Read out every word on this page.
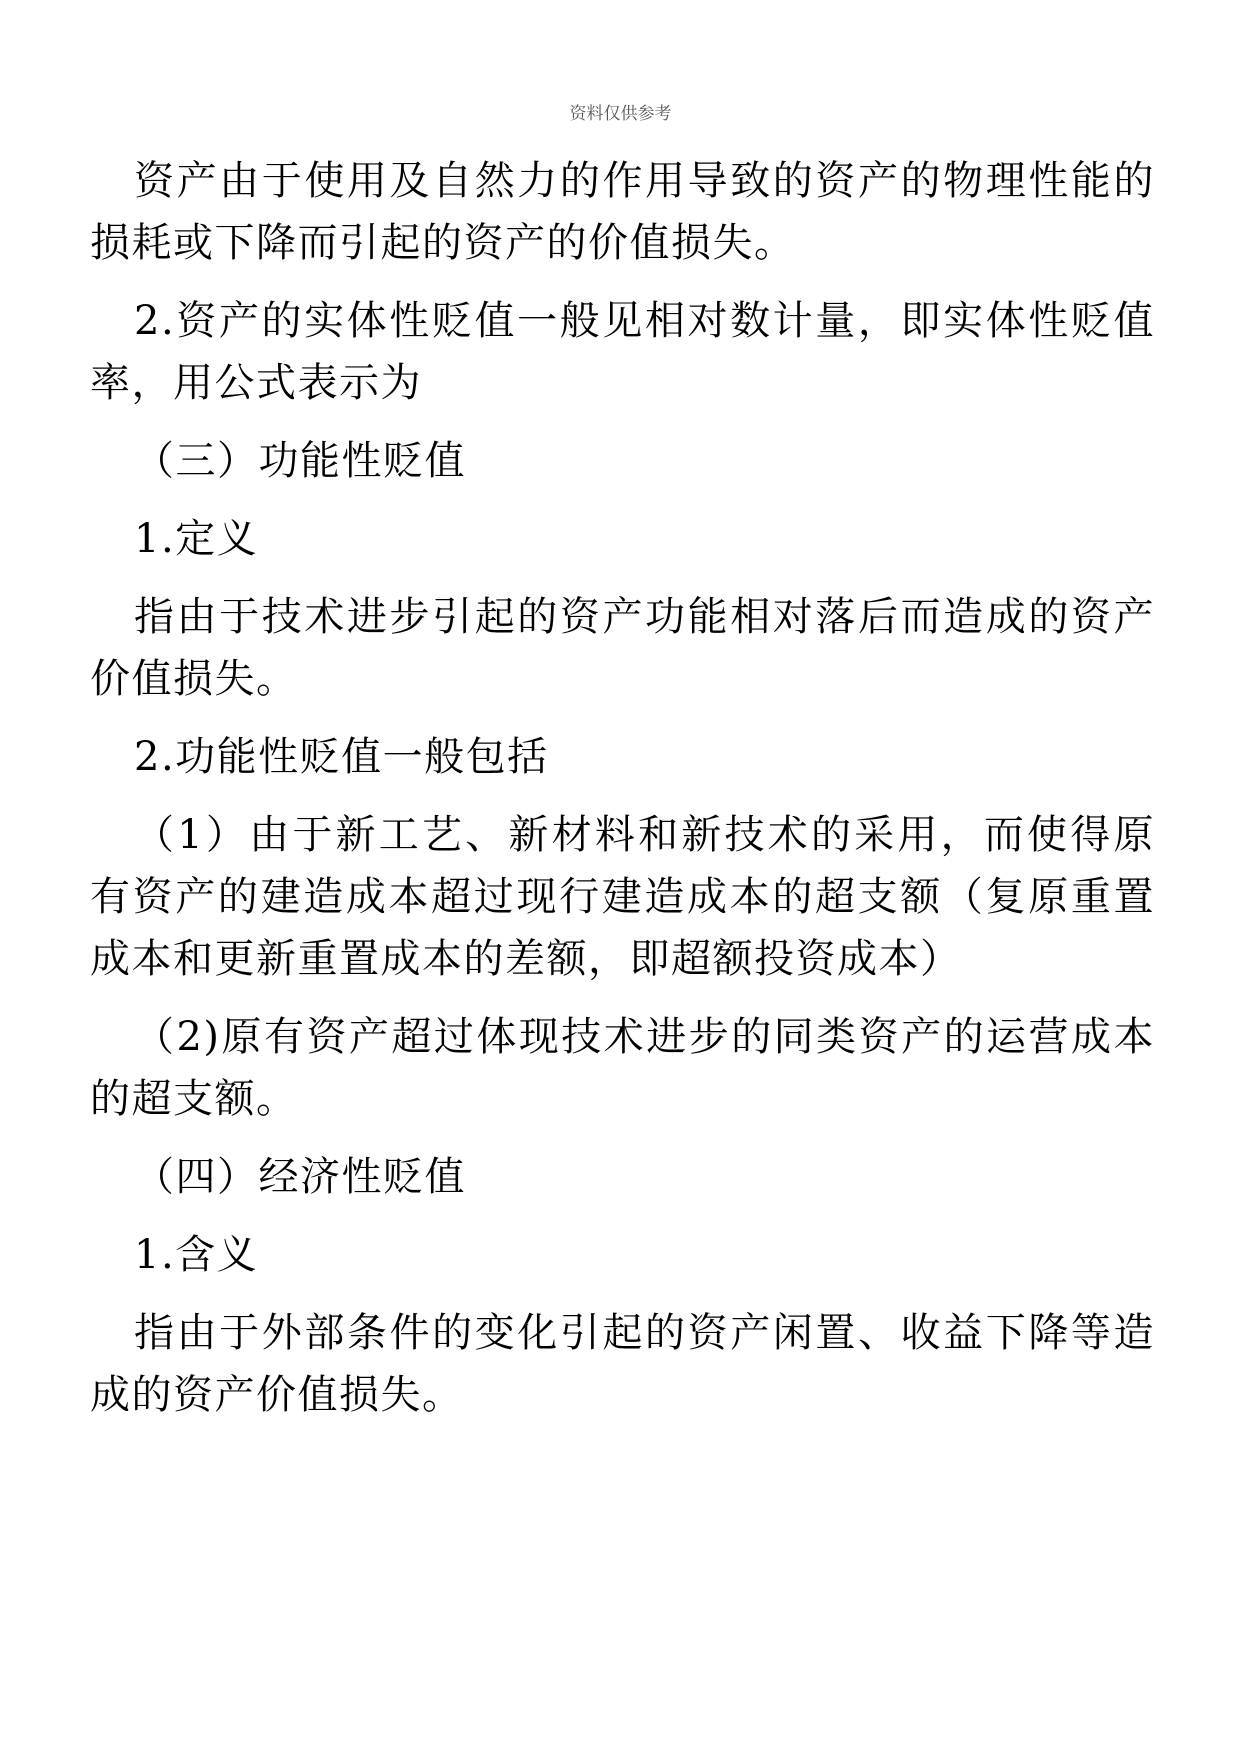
资料仅供参考

资产由于使用及自然力的作用导致的资产的物理性能的损耗或下降而引起的资产的价值损失。

2.资产的实体性贬值一般见相对数计量，即实体性贬值率，用公式表示为

（三）功能性贬值

1.定义

指由于技术进步引起的资产功能相对落后而造成的资产价值损失。

2.功能性贬值一般包括

（1）由于新工艺、新材料和新技术的采用，而使得原有资产的建造成本超过现行建造成本的超支额（复原重置成本和更新重置成本的差额，即超额投资成本）

（2)原有资产超过体现技术进步的同类资产的运营成本的超支额。

（四）经济性贬值

1.含义

指由于外部条件的变化引起的资产闲置、收益下降等造成的资产价值损失。
